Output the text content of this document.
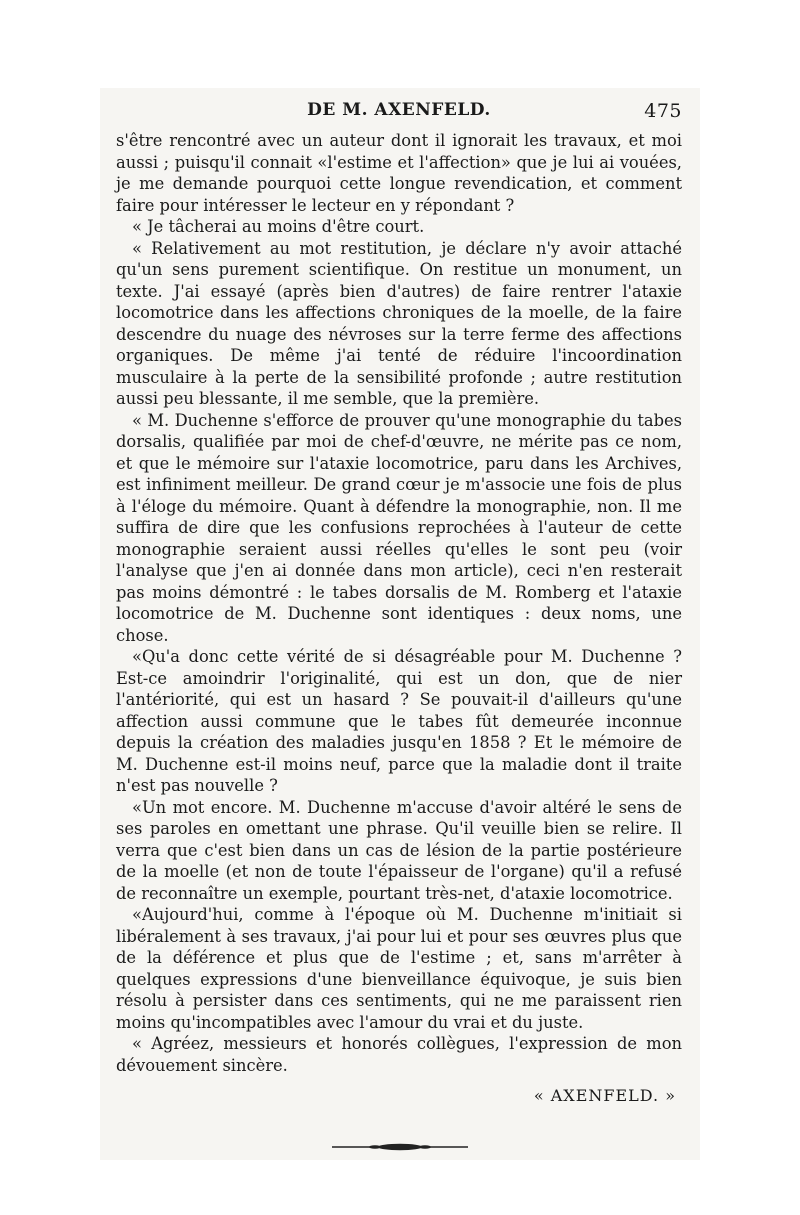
DE M. AXENFELD.	475

s'être rencontré avec un auteur dont il ignorait les travaux, et moi aussi ; puisqu'il connait «l'estime et l'affection» que je lui ai vouées, je me demande pourquoi cette longue revendication, et comment faire pour intéresser le lecteur en y répondant ?

« Je tâcherai au moins d'être court.

« Relativement au mot restitution, je déclare n'y avoir attaché qu'un sens purement scientifique. On restitue un monument, un texte. J'ai essayé (après bien d'autres) de faire rentrer l'ataxie locomotrice dans les affections chroniques de la moelle, de la faire descendre du nuage des névroses sur la terre ferme des affections organiques. De même j'ai tenté de réduire l'incoordination musculaire à la perte de la sensibilité profonde ; autre restitution aussi peu blessante, il me semble, que la première.

« M. Duchenne s'efforce de prouver qu'une monographie du tabes dorsalis, qualifiée par moi de chef-d'œuvre, ne mérite pas ce nom, et que le mémoire sur l'ataxie locomotrice, paru dans les Archives, est infiniment meilleur. De grand cœur je m'associe une fois de plus à l'éloge du mémoire. Quant à défendre la monographie, non. Il me suffira de dire que les confusions reprochées à l'auteur de cette monographie seraient aussi réelles qu'elles le sont peu (voir l'analyse que j'en ai donnée dans mon article), ceci n'en resterait pas moins démontré : le tabes dorsalis de M. Romberg et l'ataxie locomotrice de M. Duchenne sont identiques : deux noms, une chose.

«Qu'a donc cette vérité de si désagréable pour M. Duchenne ? Est-ce amoindrir l'originalité, qui est un don, que de nier l'antériorité, qui est un hasard ? Se pouvait-il d'ailleurs qu'une affection aussi commune que le tabes fût demeurée inconnue depuis la création des maladies jusqu'en 1858 ? Et le mémoire de M. Duchenne est-il moins neuf, parce que la maladie dont il traite n'est pas nouvelle ?

«Un mot encore. M. Duchenne m'accuse d'avoir altéré le sens de ses paroles en omettant une phrase. Qu'il veuille bien se relire. Il verra que c'est bien dans un cas de lésion de la partie postérieure de la moelle (et non de toute l'épaisseur de l'organe) qu'il a refusé de reconnaître un exemple, pourtant très-net, d'ataxie locomotrice.

«Aujourd'hui, comme à l'époque où M. Duchenne m'initiait si libéralement à ses travaux, j'ai pour lui et pour ses œuvres plus que de la déférence et plus que de l'estime ; et, sans m'arrêter à quelques expressions d'une bienveillance équivoque, je suis bien résolu à persister dans ces sentiments, qui ne me paraissent rien moins qu'incompatibles avec l'amour du vrai et du juste.

« Agréez, messieurs et honorés collègues, l'expression de mon dévouement sincère.

« AXENFELD. »
